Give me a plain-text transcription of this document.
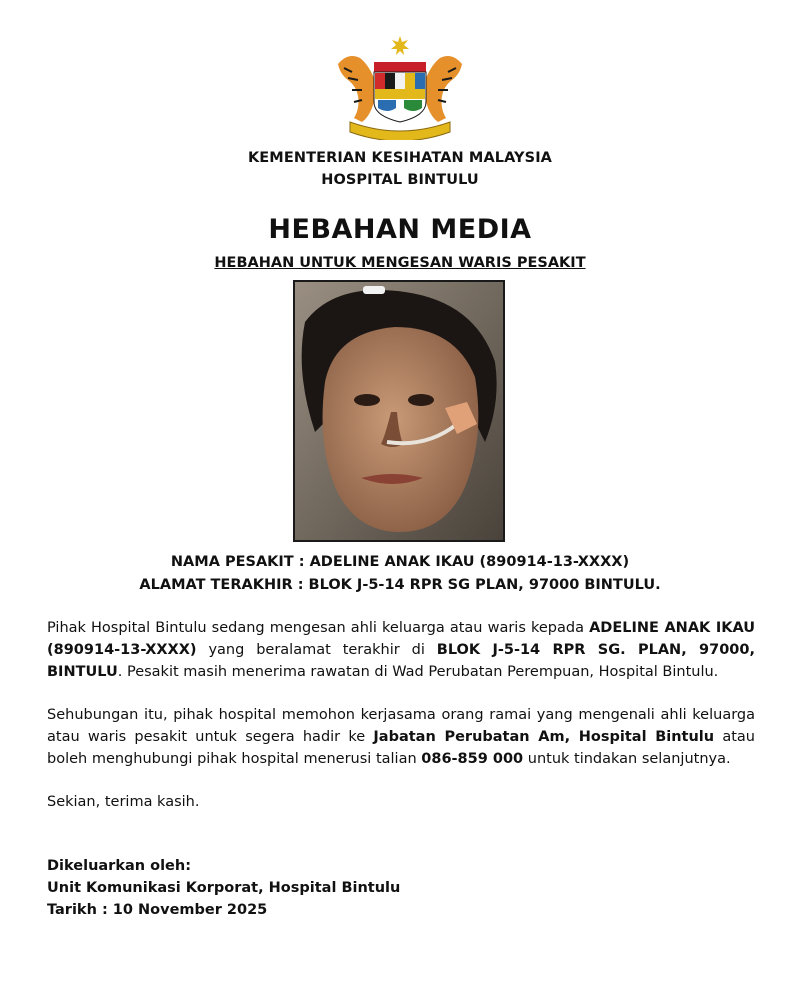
KEMENTERIAN KESIHATAN MALAYSIA
HOSPITAL BINTULU
HEBAHAN MEDIA
HEBAHAN UNTUK MENGESAN WARIS PESAKIT
NAMA PESAKIT : ADELINE ANAK IKAU (890914-13-XXXX)
ALAMAT TERAKHIR : BLOK J-5-14 RPR SG PLAN, 97000 BINTULU.
Pihak Hospital Bintulu sedang mengesan ahli keluarga atau waris kepada ADELINE ANAK IKAU (890914-13-XXXX) yang beralamat terakhir di BLOK J-5-14 RPR SG. PLAN, 97000, BINTULU. Pesakit masih menerima rawatan di Wad Perubatan Perempuan, Hospital Bintulu.
Sehubungan itu, pihak hospital memohon kerjasama orang ramai yang mengenali ahli keluarga atau waris pesakit untuk segera hadir ke Jabatan Perubatan Am, Hospital Bintulu atau boleh menghubungi pihak hospital menerusi talian 086-859 000 untuk tindakan selanjutnya.
Sekian, terima kasih.
Dikeluarkan oleh:
Unit Komunikasi Korporat, Hospital Bintulu
Tarikh : 10 November 2025
